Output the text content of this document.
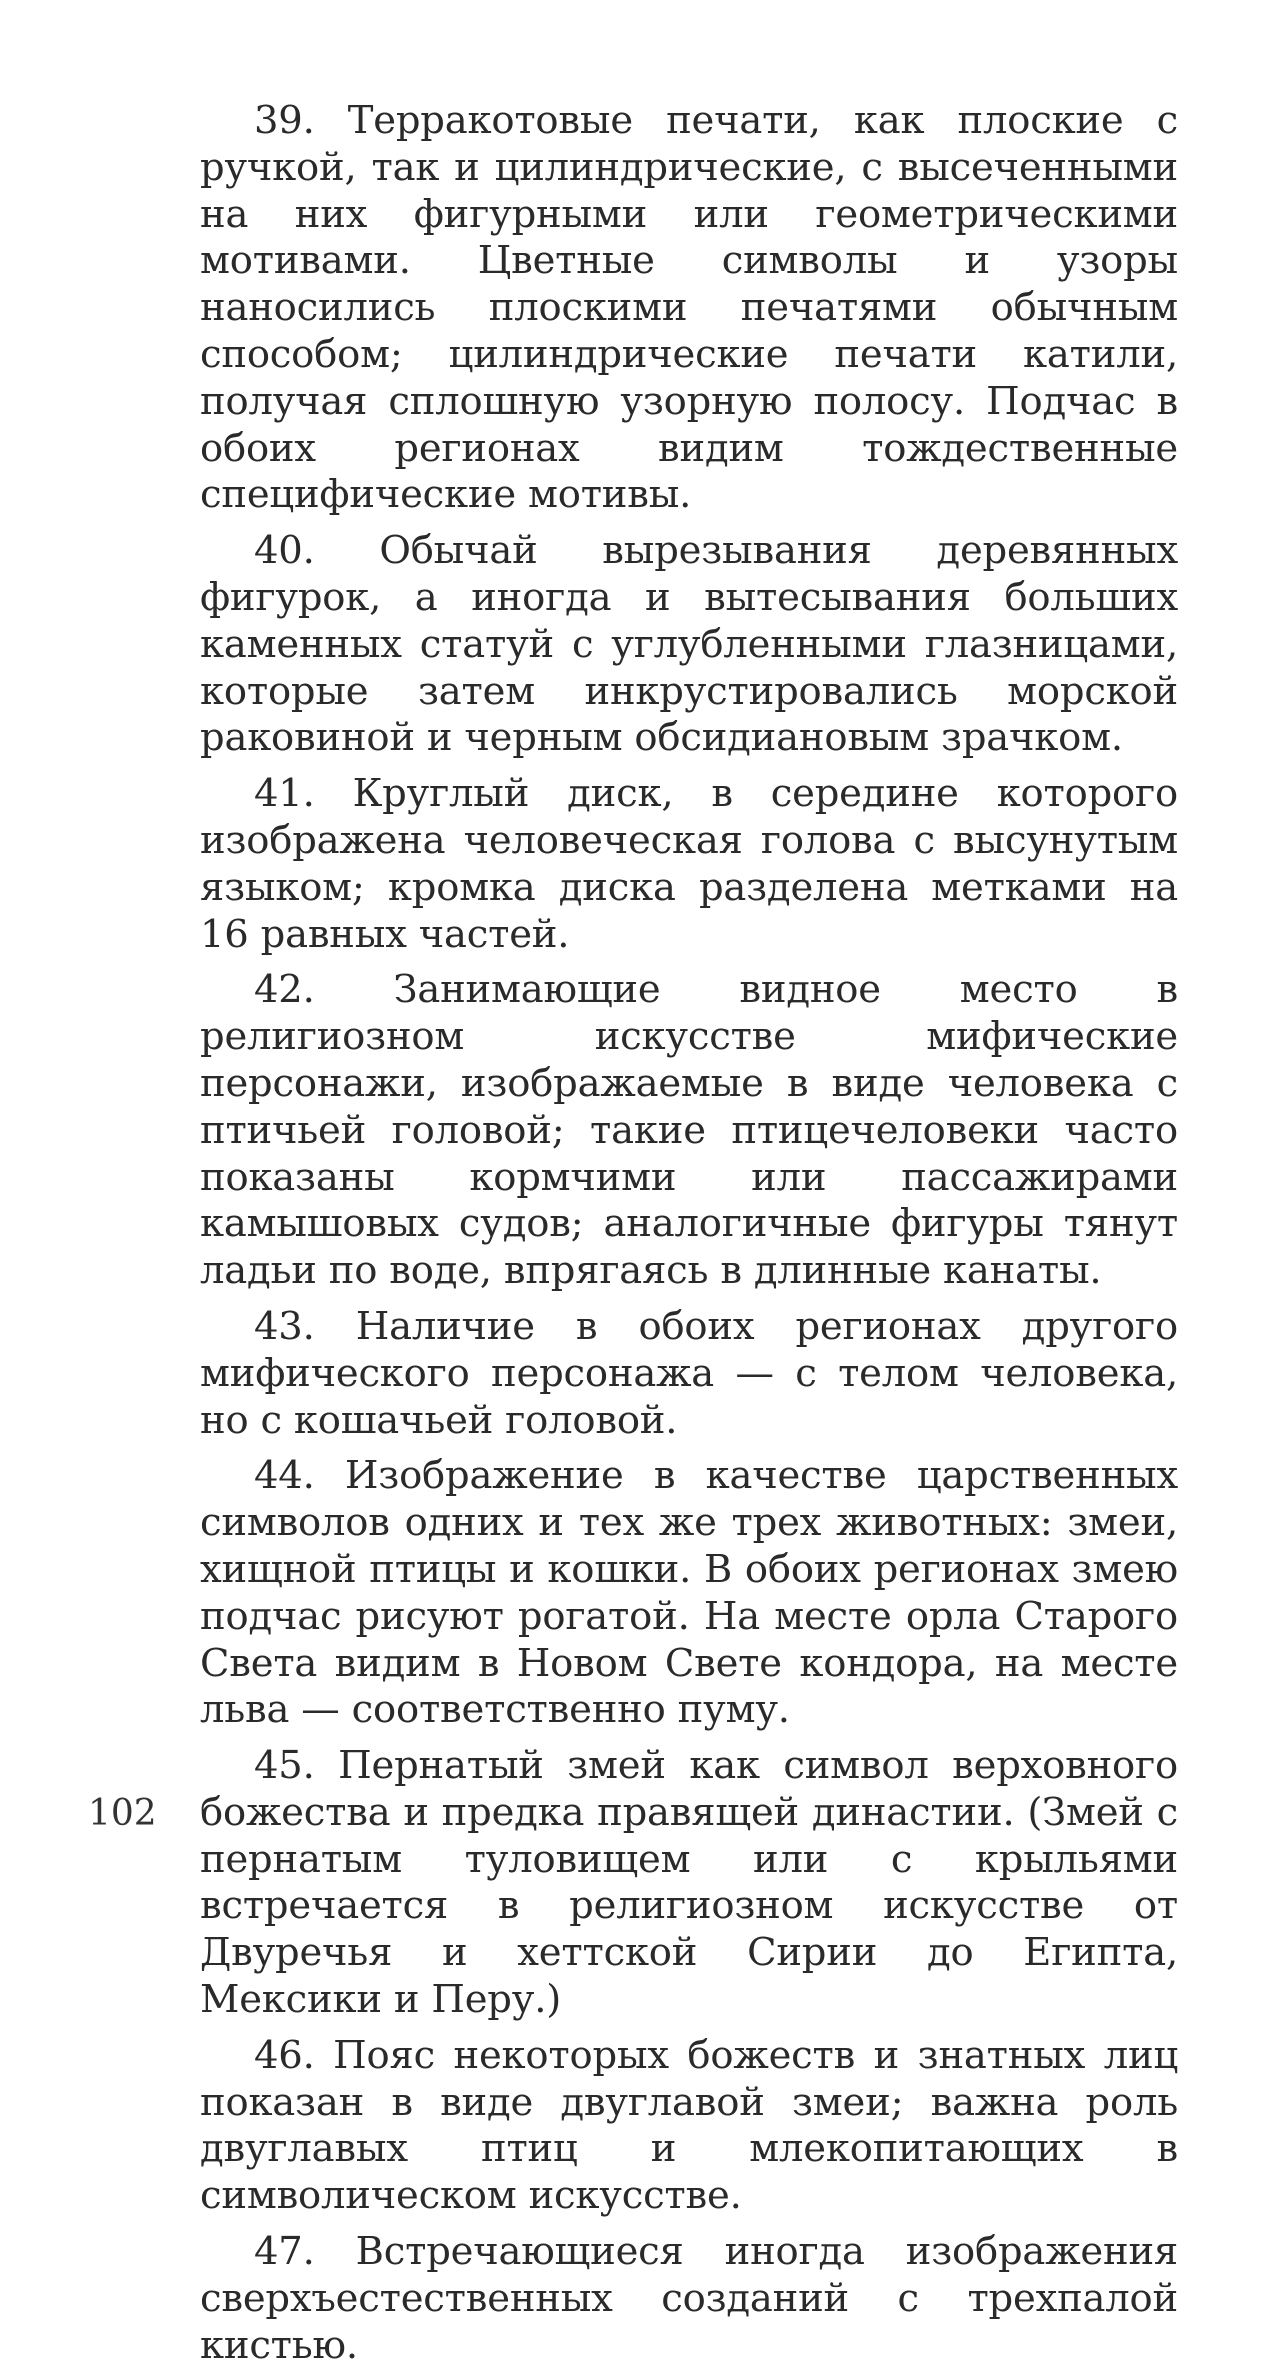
39. Терракотовые печати, как плоские с ручкой, так и цилиндрические, с высеченными на них фигурными или геометрическими мотивами. Цветные символы и узоры наносились плоскими печатями обычным способом; цилиндрические печати катили, получая сплошную узорную полосу. Подчас в обоих регионах видим тождественные специфические мотивы.

40. Обычай вырезывания деревянных фигурок, а иногда и вытесывания больших каменных статуй с углубленными глазницами, которые затем инкрустировались морской раковиной и черным обсидиановым зрачком.

41. Круглый диск, в середине которого изображена человеческая голова с высунутым языком; кромка диска разделена метками на 16 равных частей.

42. Занимающие видное место в религиозном искусстве мифические персонажи, изображаемые в виде человека с птичьей головой; такие птицечеловеки часто показаны кормчими или пассажирами камышовых судов; аналогичные фигуры тянут ладьи по воде, впрягаясь в длинные канаты.

43. Наличие в обоих регионах другого мифического персонажа — с телом человека, но с кошачьей головой.

44. Изображение в качестве царственных символов одних и тех же трех животных: змеи, хищной птицы и кошки. В обоих регионах змею подчас рисуют рогатой. На месте орла Старого Света видим в Новом Свете кондора, на месте льва — соответственно пуму.

45. Пернатый змей как символ верховного божества и предка правящей династии. (Змей с пернатым туловищем или с крыльями встречается в религиозном искусстве от Двуречья и хеттской Сирии до Египта, Мексики и Перу.)

46. Пояс некоторых божеств и знатных лиц показан в виде двуглавой змеи; важна роль двуглавых птиц и млекопитающих в символическом искусстве.

47. Встречающиеся иногда изображения сверхъестественных созданий с трехпалой кистью.

102
